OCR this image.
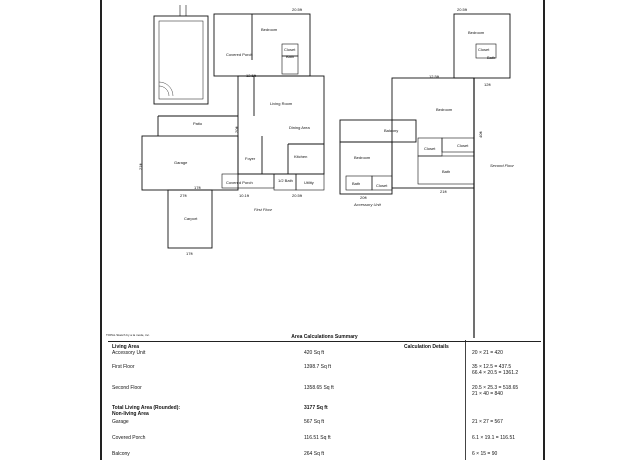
Bedroom
Covered Porch
Closet
Bath
Patio
Living Room
Dining Area
Garage
Foyer	Kitchen
Covered Porch	1/2 Bath	Utility
Carport
Balcony
Bedroom
Bath	Closet
Bedroom
Closet
Bath
Bedroom
Closet
Closet
Bath
20.5ft
12.5ft
20ft
21ft
17ft
27ft	10.1ft	20.5ft
17ft
20ft
20.5ft
12.5ft
12ft
21ft
40ft
First Floor
Accessory Unit
Second Floor
TOPAL Sketch by a la mode, inc.	Area Calculations Summary
Living Area	Calculation Details
Accessory Unit	420 Sq ft	20 × 21 = 420
First Floor	1398.7 Sq ft	35 × 12.5 = 437.5
66.4 × 20.5 = 1361.2
Second Floor	1358.65 Sq ft	20.5 × 25.3 = 518.65
21 × 40 = 840
Total Living Area (Rounded):	3177 Sq ft
Non-living Area
Garage	567 Sq ft	21 × 27 = 567
Covered Porch	116.51 Sq ft	6.1 × 19.1 = 116.51
Balcony	264 Sq ft	6 × 15 = 90
